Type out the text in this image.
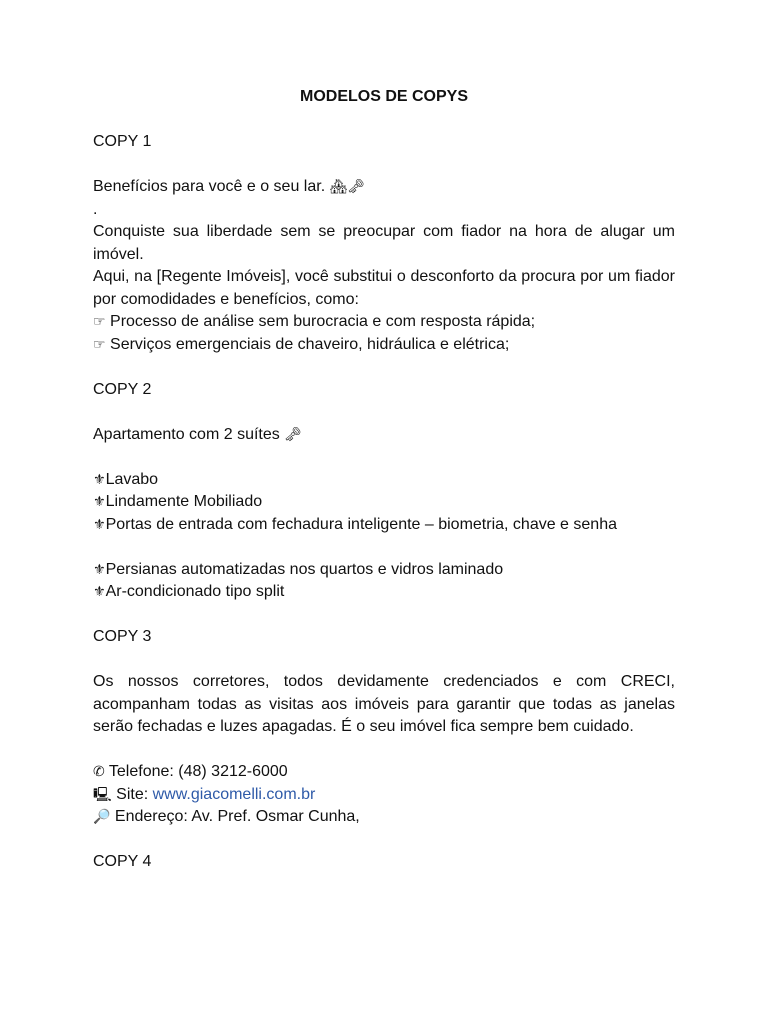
MODELOS DE COPYS

COPY 1

Benefícios para você e o seu lar. 🏘🗝

.

Conquiste sua liberdade sem se preocupar com fiador na hora de alugar um imóvel.

Aqui, na [Regente Imóveis], você substitui o desconforto da procura por um fiador por comodidades e benefícios, como:

☞ Processo de análise sem burocracia e com resposta rápida;

☞ Serviços emergenciais de chaveiro, hidráulica e elétrica;

COPY 2

Apartamento com 2 suítes 🗝

⚜Lavabo

⚜Lindamente Mobiliado

⚜Portas de entrada com fechadura inteligente – biometria, chave e senha

⚜Persianas automatizadas nos quartos e vidros laminado

⚜Ar-condicionado tipo split

COPY 3

Os nossos corretores, todos devidamente credenciados e com CRECI, acompanham todas as visitas aos imóveis para garantir que todas as janelas serão fechadas e luzes apagadas. É o seu imóvel fica sempre bem cuidado.

✆ Telefone: (48) 3212-6000

🖳 Site: www.giacomelli.com.br

🔎 Endereço: Av. Pref. Osmar Cunha,

COPY 4
